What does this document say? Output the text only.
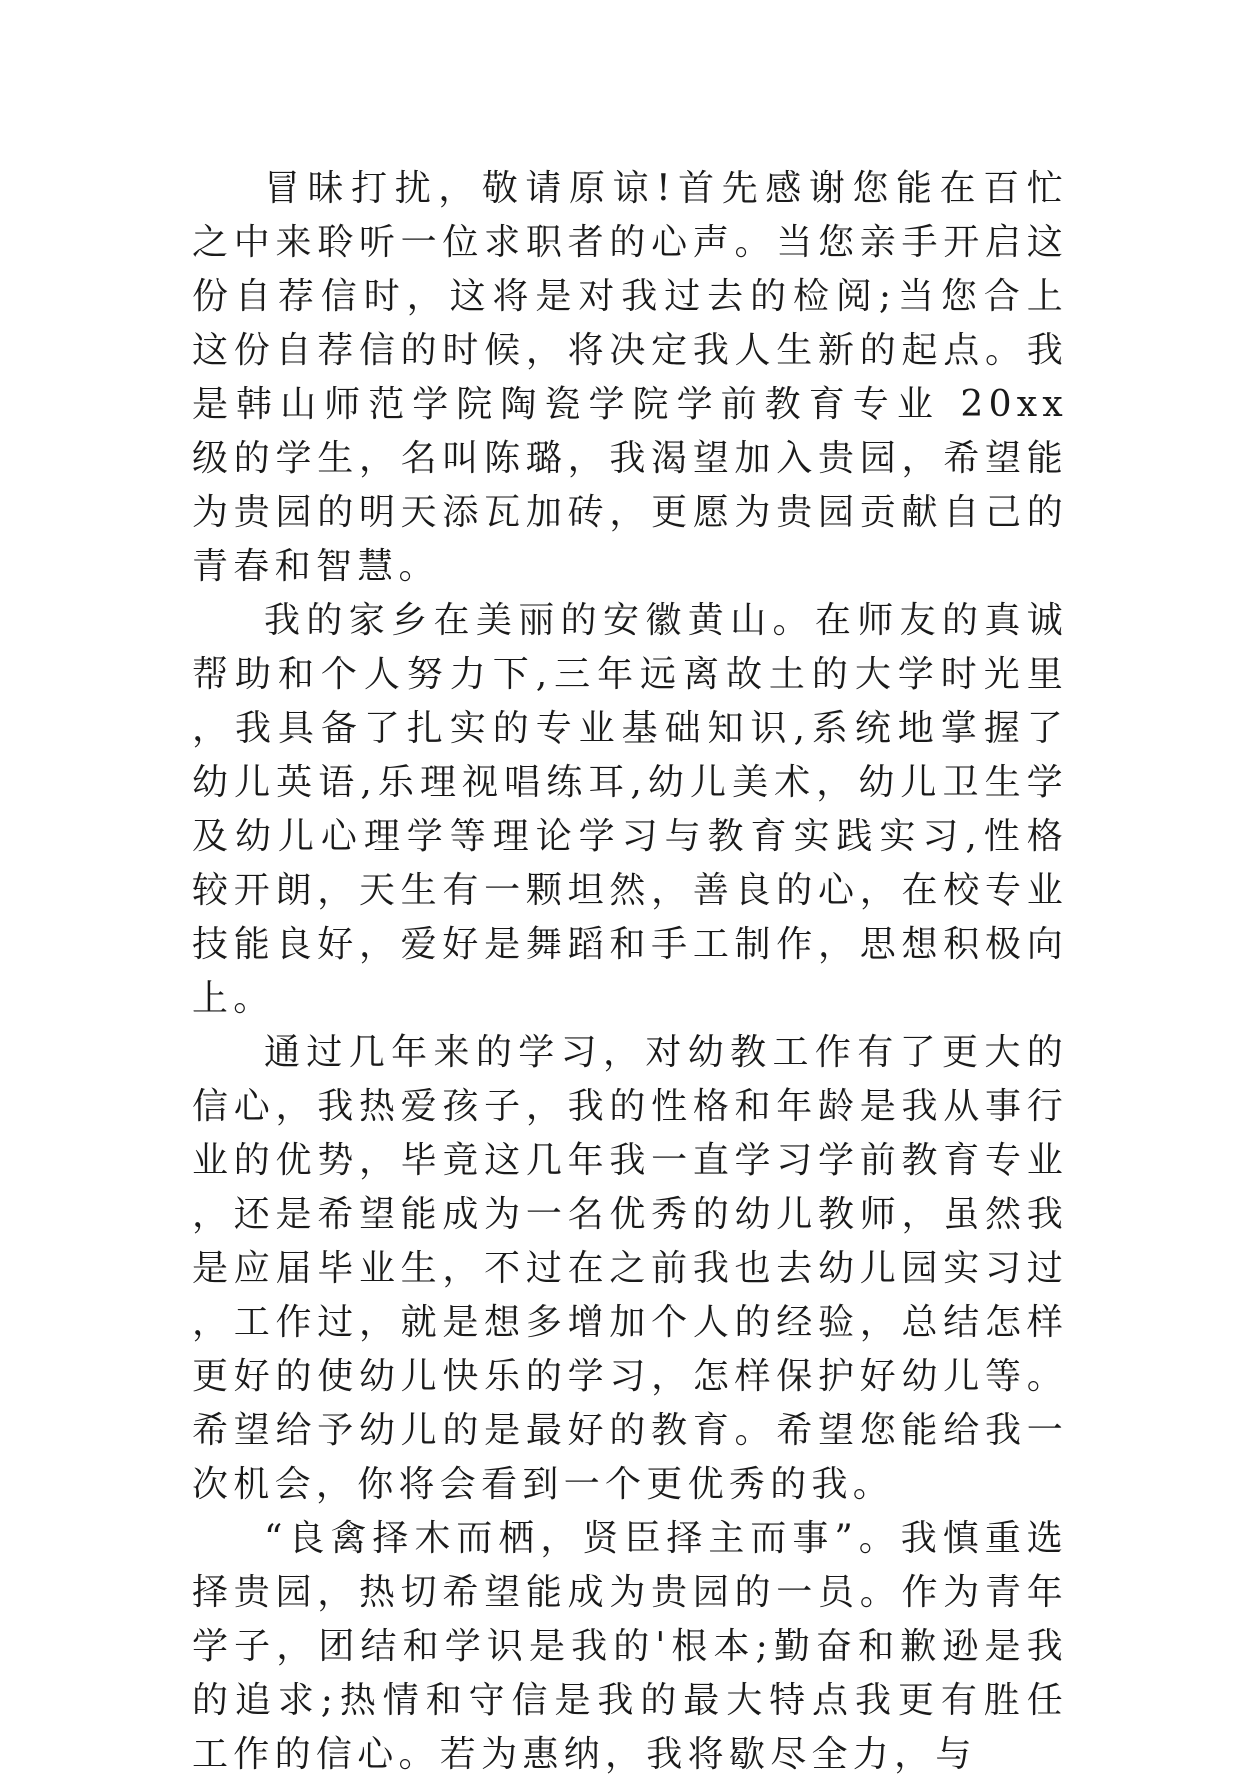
冒昧打扰，敬请原谅!首先感谢您能在百忙之中来聆听一位求职者的心声。当您亲手开启这份自荐信时，这将是对我过去的检阅;当您合上这份自荐信的时候，将决定我人生新的起点。我是韩山师范学院陶瓷学院学前教育专业 20xx 级的学生，名叫陈璐，我渴望加入贵园，希望能为贵园的明天添瓦加砖，更愿为贵园贡献自己的青春和智慧。

我的家乡在美丽的安徽黄山。在师友的真诚帮助和个人努力下,三年远离故土的大学时光里，我具备了扎实的专业基础知识,系统地掌握了幼儿英语,乐理视唱练耳,幼儿美术，幼儿卫生学及幼儿心理学等理论学习与教育实践实习,性格较开朗，天生有一颗坦然，善良的心，在校专业技能良好，爱好是舞蹈和手工制作，思想积极向上。

通过几年来的学习，对幼教工作有了更大的信心，我热爱孩子，我的性格和年龄是我从事行业的优势，毕竟这几年我一直学习学前教育专业，还是希望能成为一名优秀的幼儿教师，虽然我是应届毕业生，不过在之前我也去幼儿园实习过，工作过，就是想多增加个人的经验，总结怎样更好的使幼儿快乐的学习，怎样保护好幼儿等。希望给予幼儿的是最好的教育。希望您能给我一次机会，你将会看到一个更优秀的我。

“良禽择木而栖，贤臣择主而事”。我慎重选择贵园，热切希望能成为贵园的一员。作为青年学子，团结和学识是我的'根本;勤奋和歉逊是我的追求;热情和守信是我的最大特点我更有胜任工作的信心。若为惠纳，我将歇尽全力，与
